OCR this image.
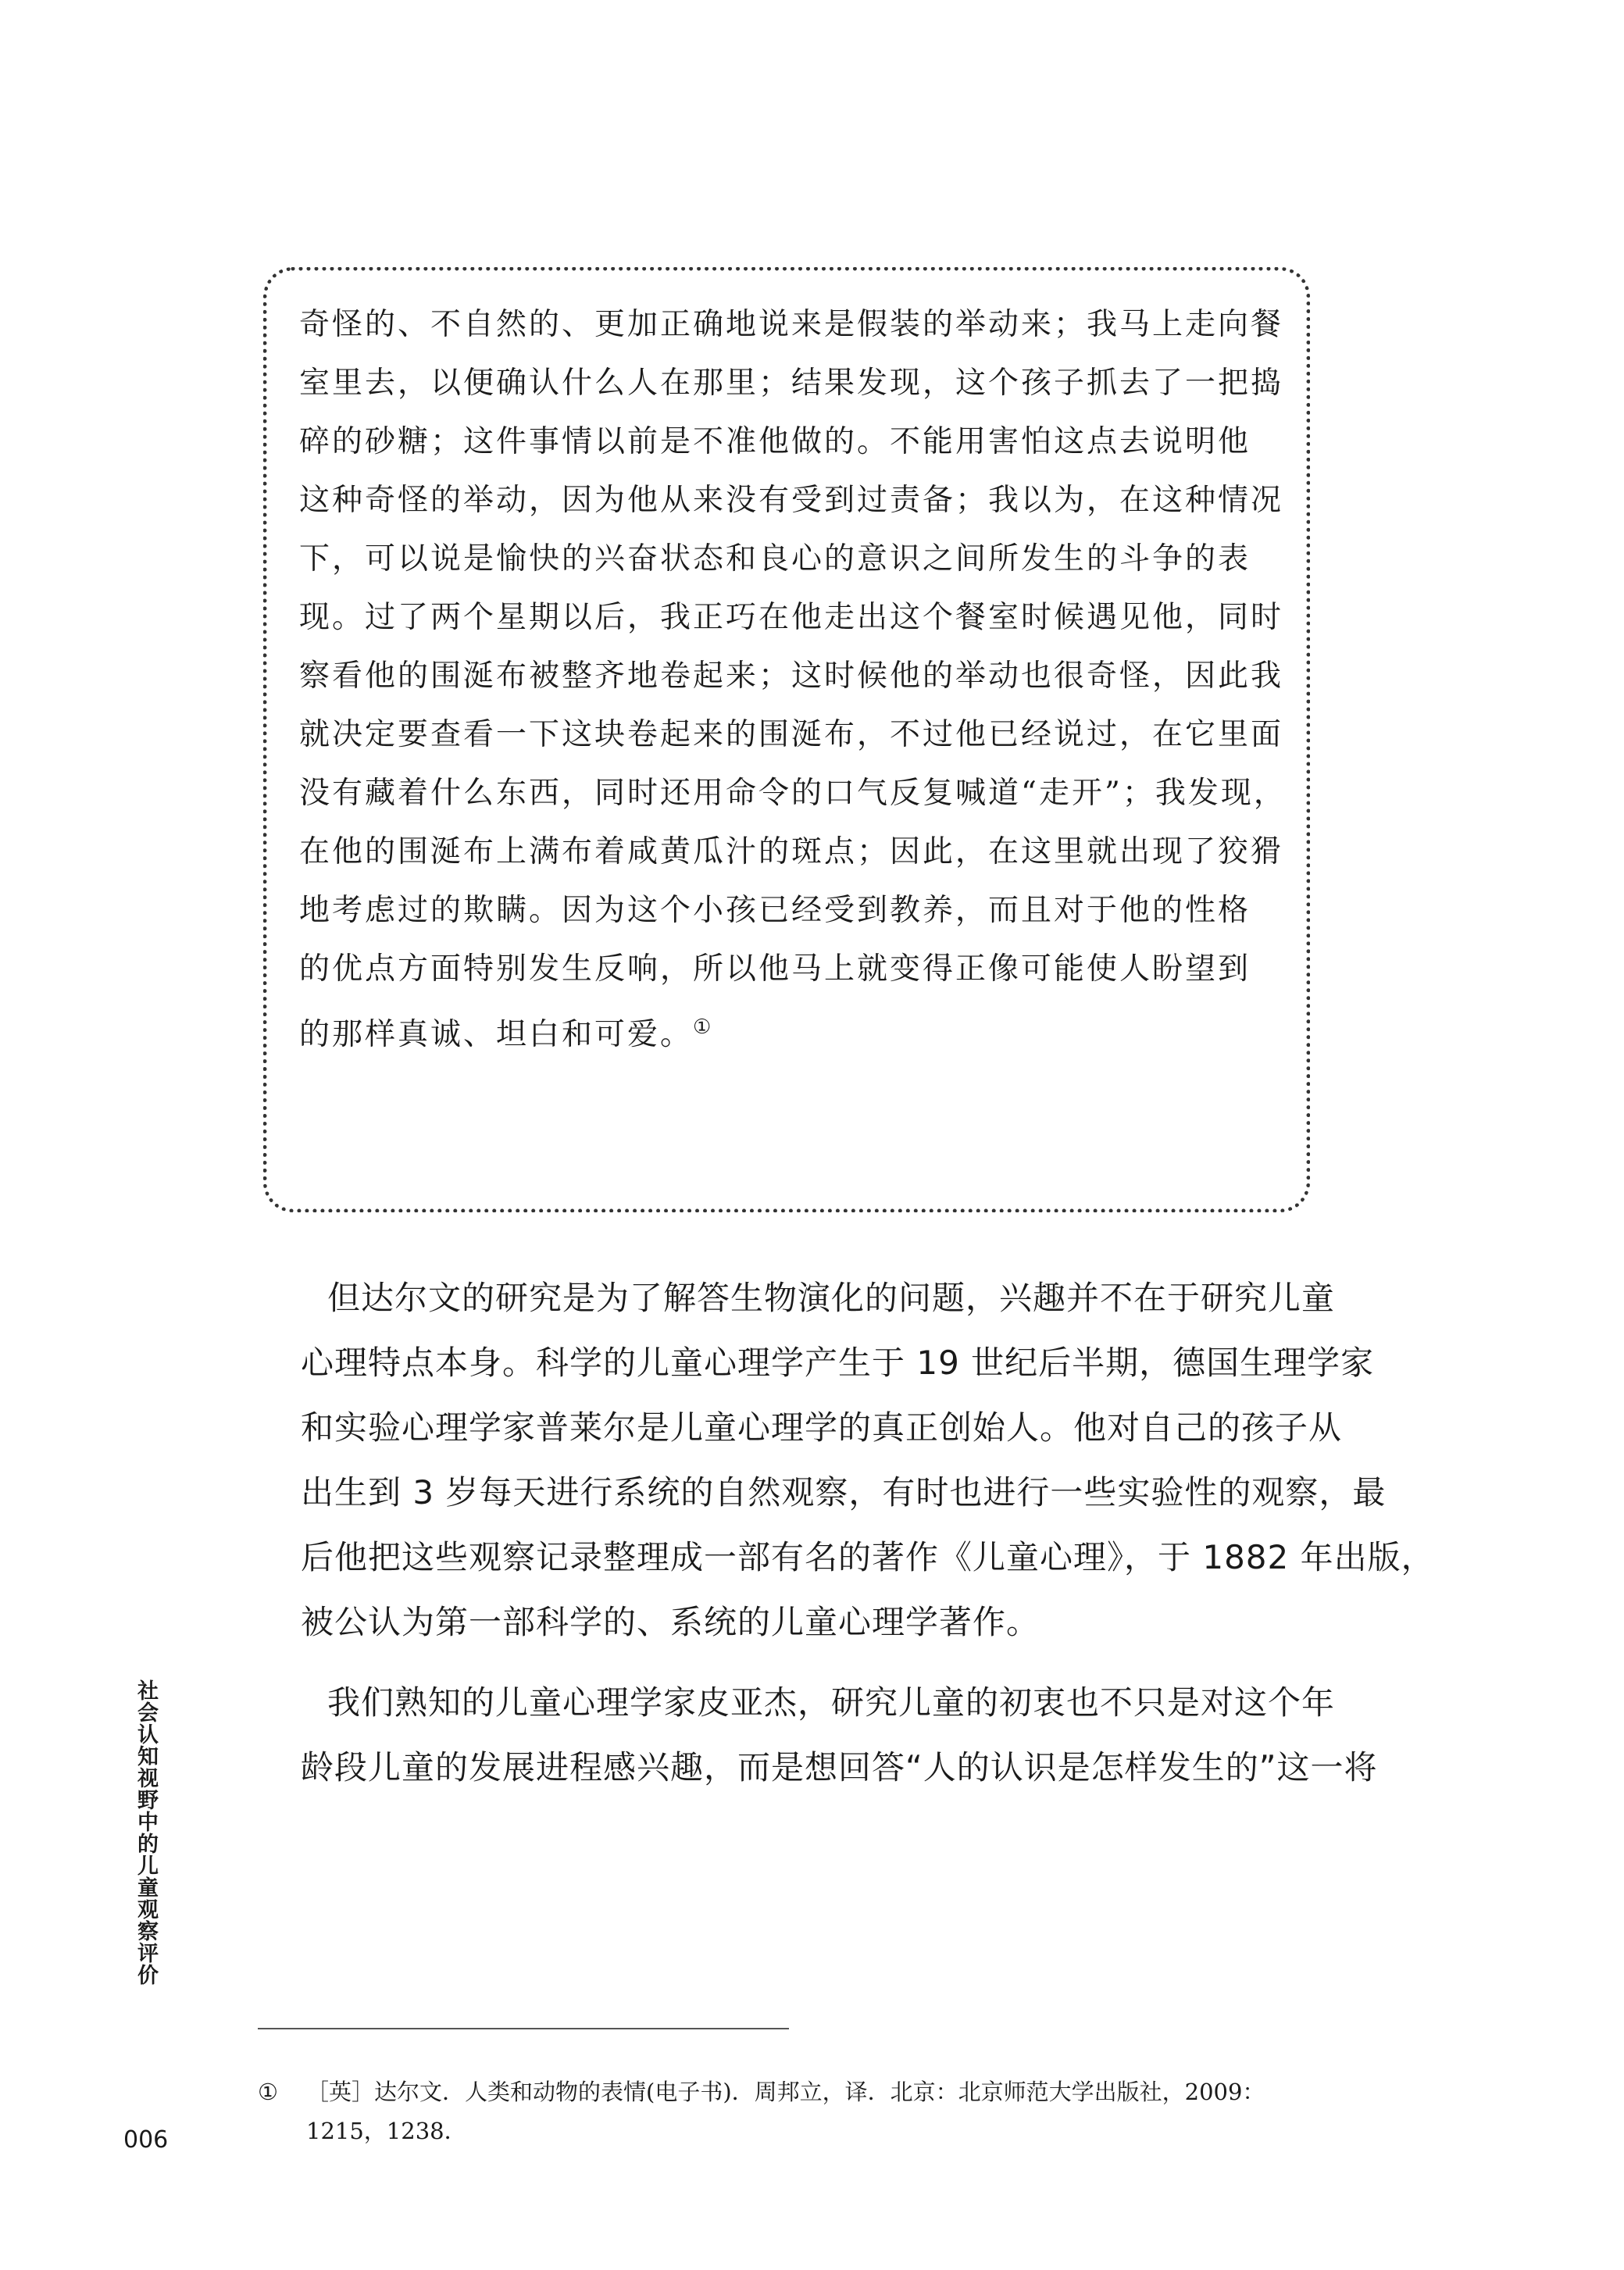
奇怪的、不自然的、更加正确地说来是假装的举动来；我马上走向餐
室里去，以便确认什么人在那里；结果发现，这个孩子抓去了一把捣
碎的砂糖；这件事情以前是不准他做的。不能用害怕这点去说明他
这种奇怪的举动，因为他从来没有受到过责备；我以为，在这种情况
下，可以说是愉快的兴奋状态和良心的意识之间所发生的斗争的表
现。过了两个星期以后，我正巧在他走出这个餐室时候遇见他，同时
察看他的围涎布被整齐地卷起来；这时候他的举动也很奇怪，因此我
就决定要查看一下这块卷起来的围涎布，不过他已经说过，在它里面
没有藏着什么东西，同时还用命令的口气反复喊道“走开”；我发现，
在他的围涎布上满布着咸黄瓜汁的斑点；因此，在这里就出现了狡猾
地考虑过的欺瞒。因为这个小孩已经受到教养，而且对于他的性格
的优点方面特别发生反响，所以他马上就变得正像可能使人盼望到
的那样真诚、坦白和可爱。①
但达尔文的研究是为了解答生物演化的问题，兴趣并不在于研究儿童
心理特点本身。科学的儿童心理学产生于 19 世纪后半期，德国生理学家
和实验心理学家普莱尔是儿童心理学的真正创始人。他对自己的孩子从
出生到 3 岁每天进行系统的自然观察，有时也进行一些实验性的观察，最
后他把这些观察记录整理成一部有名的著作《儿童心理》，于 1882 年出版，
被公认为第一部科学的、系统的儿童心理学著作。
我们熟知的儿童心理学家皮亚杰，研究儿童的初衷也不只是对这个年
龄段儿童的发展进程感兴趣，而是想回答“人的认识是怎样发生的”这一将
社会认知视野中的儿童观察评价
006
① ［英］达尔文．人类和动物的表情(电子书)．周邦立，译．北京：北京师范大学出版社，2009：
1215，1238．
